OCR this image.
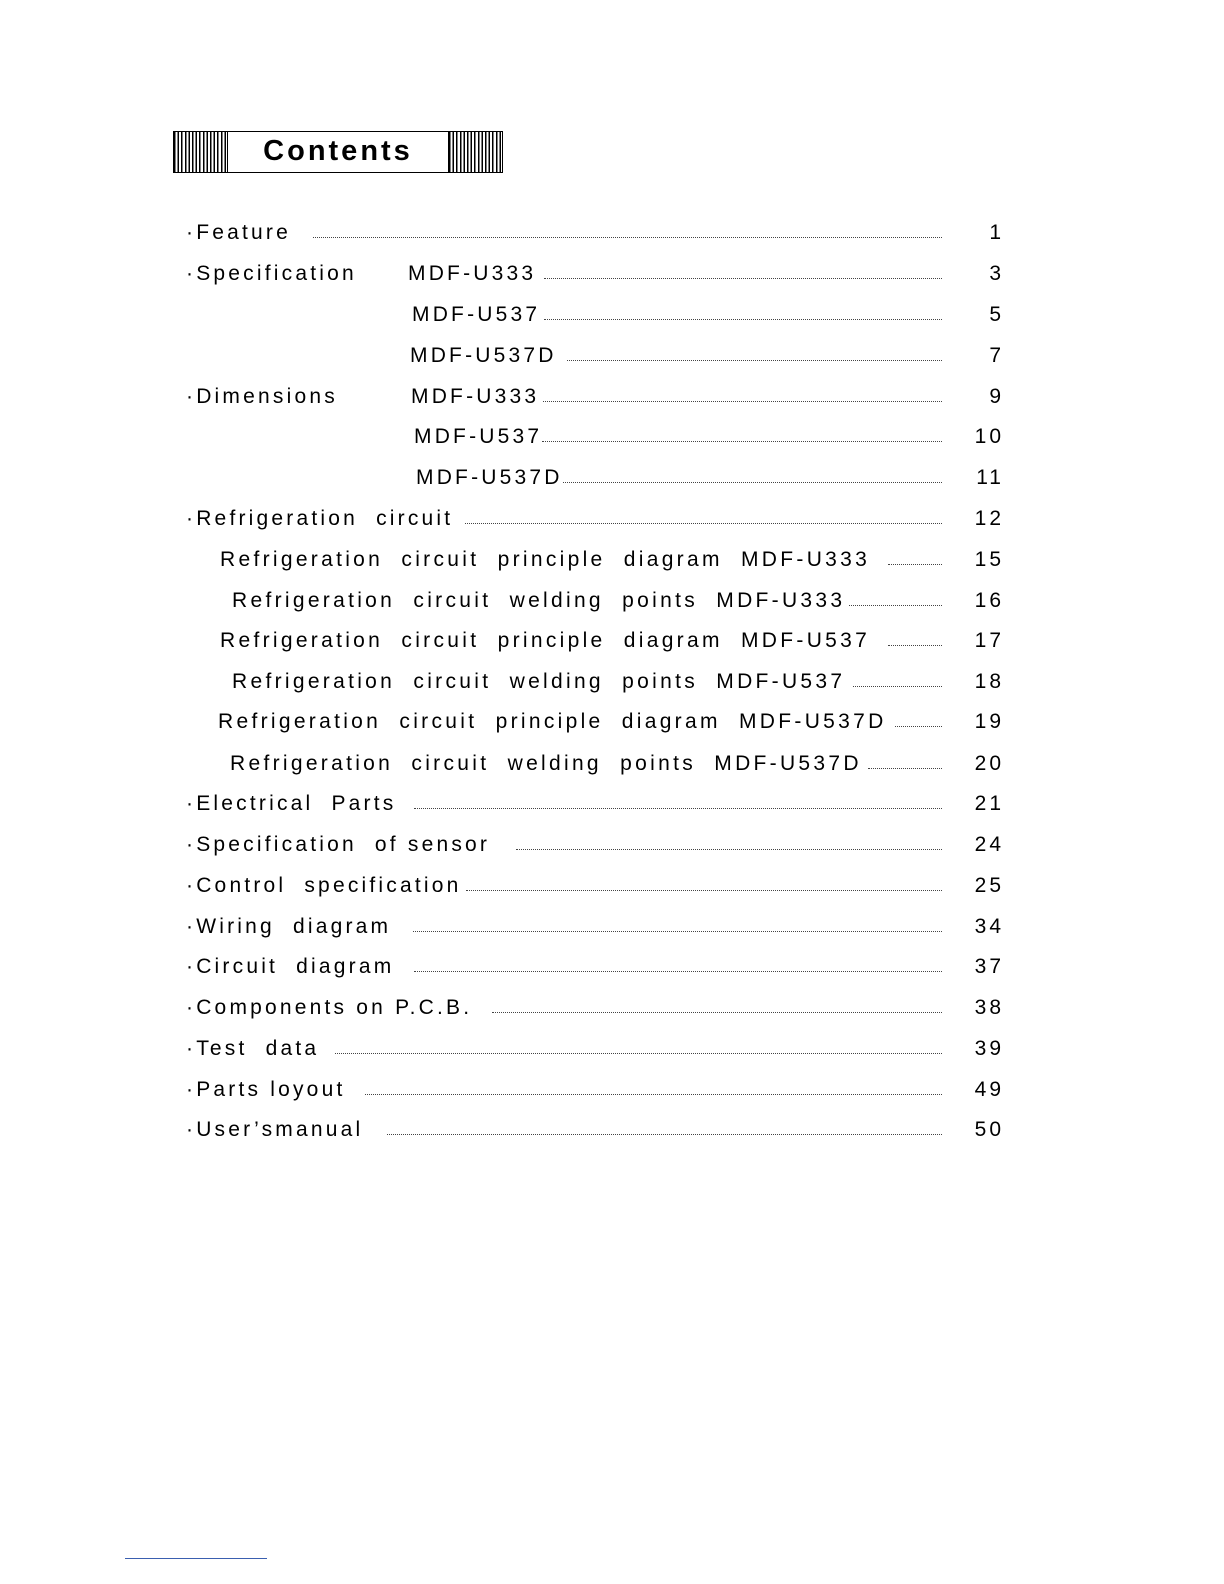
Contents
·Feature	1
·Specification	MDF-U333	3
MDF-U537	5
MDF-U537D	7
·Dimensions	MDF-U333	9
MDF-U537	10
MDF-U537D	11
·Refrigeration  circuit	12
Refrigeration  circuit  principle  diagram  MDF-U333	15
Refrigeration  circuit  welding  points  MDF-U333	16
Refrigeration  circuit  principle  diagram  MDF-U537	17
Refrigeration  circuit  welding  points  MDF-U537	18
Refrigeration  circuit  principle  diagram  MDF-U537D	19
Refrigeration  circuit  welding  points  MDF-U537D	20
·Electrical  Parts	21
·Specification  of sensor	24
·Control  specification	25
·Wiring  diagram	34
·Circuit  diagram	37
·Components on P.C.B.	38
·Test  data	39
·Parts loyout	49
·User’smanual	50
